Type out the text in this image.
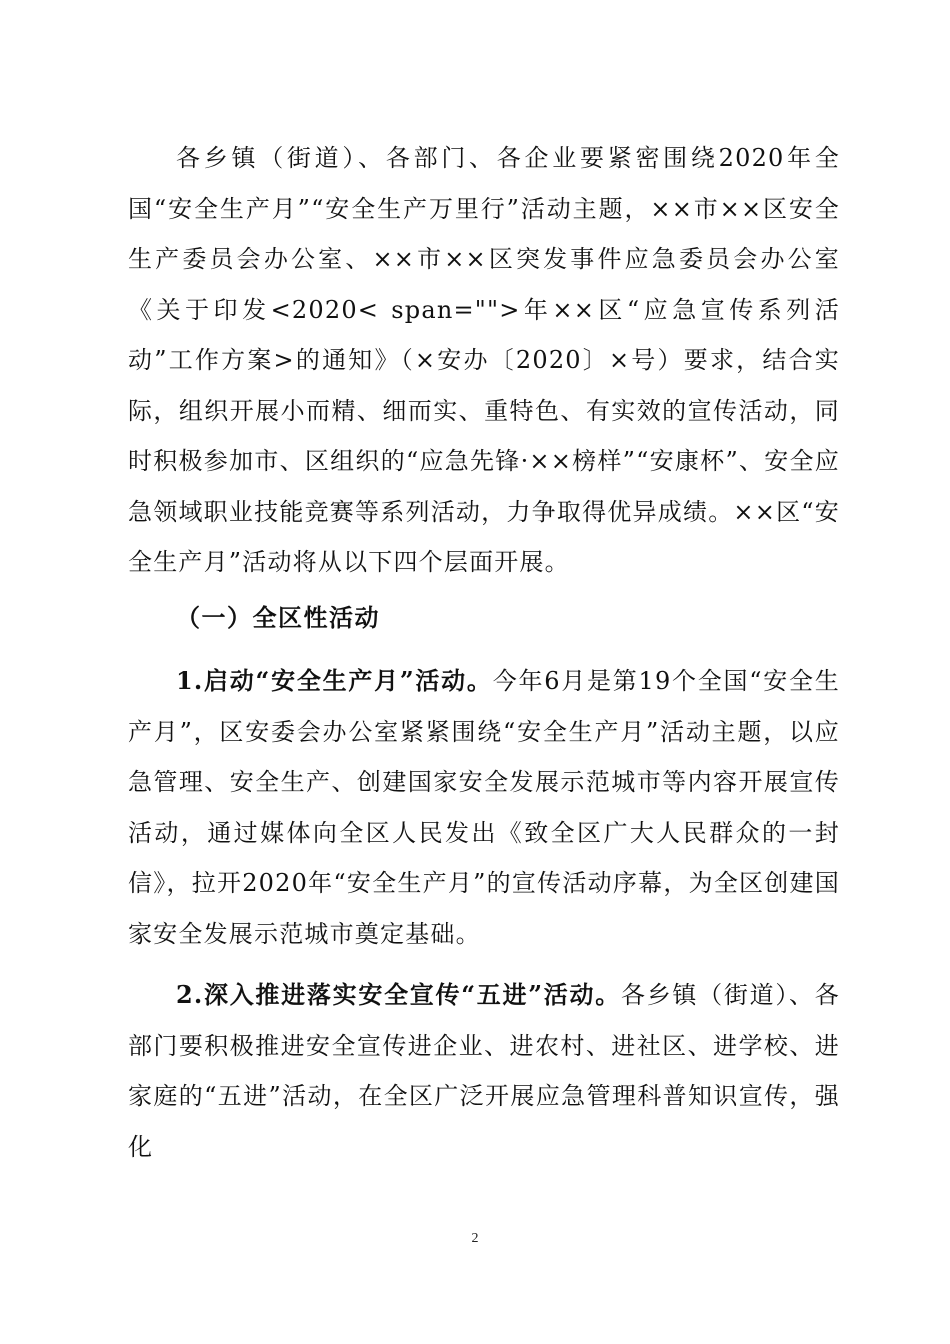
各乡镇（街道）、各部门、各企业要紧密围绕2020年全国“安全生产月”“安全生产万里行”活动主题，××市××区安全生产委员会办公室、××市××区突发事件应急委员会办公室《关于印发<2020< span="">年××区“应急宣传系列活动”工作方案>的通知》（×安办〔2020〕×号）要求，结合实际，组织开展小而精、细而实、重特色、有实效的宣传活动，同时积极参加市、区组织的“应急先锋·××榜样”“安康杯”、安全应急领域职业技能竞赛等系列活动，力争取得优异成绩。××区“安全生产月”活动将从以下四个层面开展。

（一）全区性活动

1.启动“安全生产月”活动。今年6月是第19个全国“安全生产月”，区安委会办公室紧紧围绕“安全生产月”活动主题，以应急管理、安全生产、创建国家安全发展示范城市等内容开展宣传活动，通过媒体向全区人民发出《致全区广大人民群众的一封信》，拉开2020年“安全生产月”的宣传活动序幕，为全区创建国家安全发展示范城市奠定基础。

2.深入推进落实安全宣传“五进”活动。各乡镇（街道）、各部门要积极推进安全宣传进企业、进农村、进社区、进学校、进家庭的“五进”活动，在全区广泛开展应急管理科普知识宣传，强化

2
